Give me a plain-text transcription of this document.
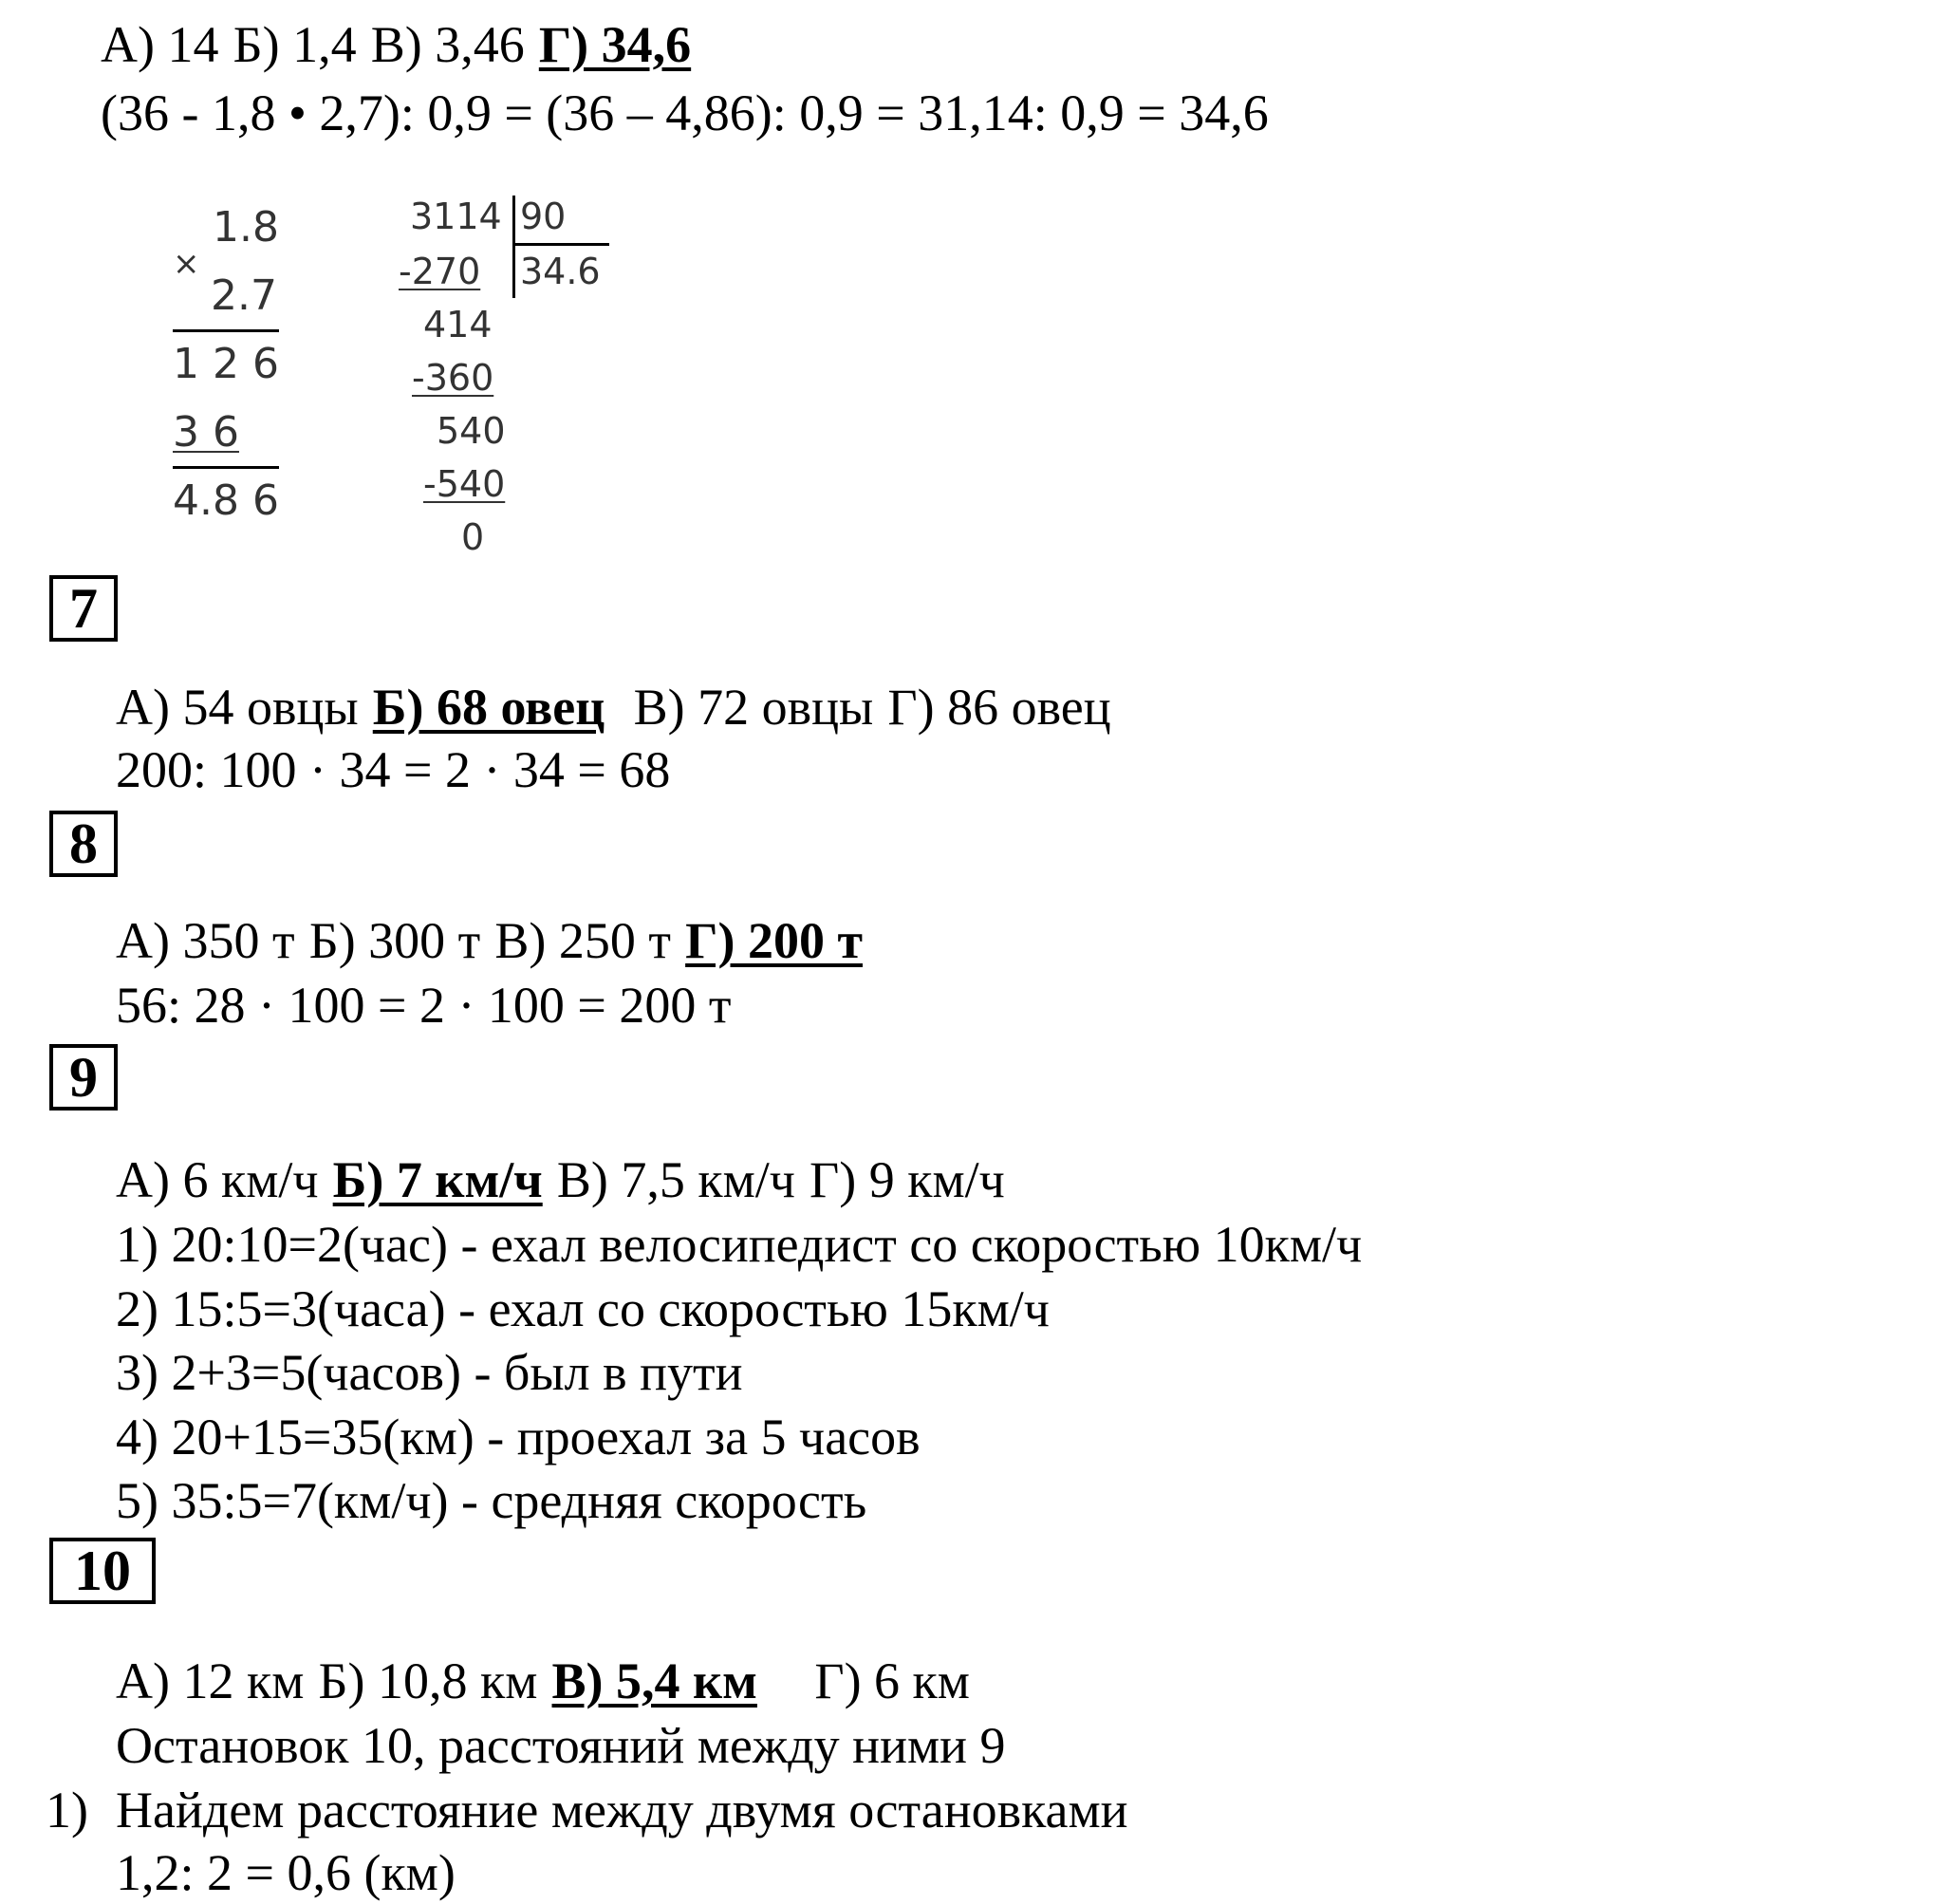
А) 14 Б) 1,4 В) 3,46 Г) 34,6
(36 - 1,8 • 2,7): 0,9 = (36 – 4,86): 0,9 = 31,14: 0,9 = 34,6
1.8
×
2.7
1 2 6
3 6
4.8 6
3114 90
34.6
-270
414
-360
540
-540
0
7
А) 54 овцы Б) 68 овец В) 72 овцы Г) 86 овец
200: 100 · 34 = 2 · 34 = 68
8
А) 350 т Б) 300 т В) 250 т Г) 200 т
56: 28 · 100 = 2 · 100 = 200 т
9
А) 6 км/ч Б) 7 км/ч В) 7,5 км/ч Г) 9 км/ч
1) 20:10=2(час) - ехал велосипедист со скоростью 10км/ч
2) 15:5=3(часа) - ехал со скоростью 15км/ч
3) 2+3=5(часов) - был в пути
4) 20+15=35(км) - проехал за 5 часов
5) 35:5=7(км/ч) - средняя скорость
10
А) 12 км Б) 10,8 км В) 5,4 км Г) 6 км
Остановок 10, расстояний между ними 9
1) Найдем расстояние между двумя остановками
1,2: 2 = 0,6 (км)
